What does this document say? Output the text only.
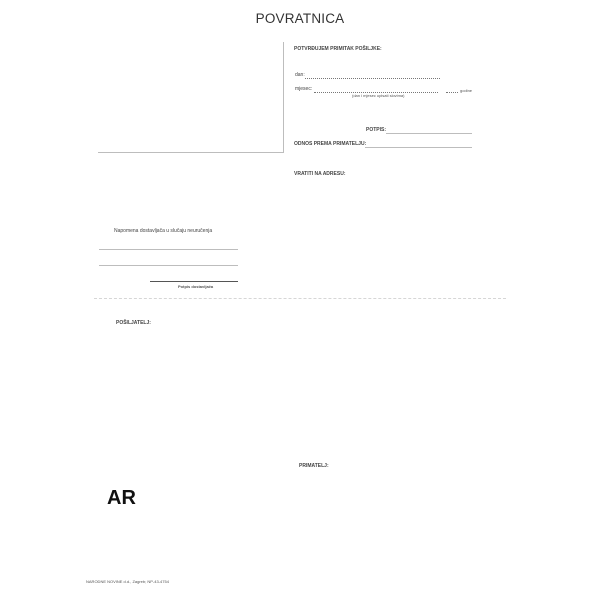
POVRATNICA
POTVRĐUJEM PRIMITAK POŠILJKE:
dan:
mjesec:	godine
(dan i mjesec upisati slovima)
POTPIS:
ODNOS PREMA PRIMATELJU:
VRATITI NA ADRESU:
Napomena dostavljača u slučaju neuručenja
Potpis dostavljača
POŠILJATELJ:
PRIMATELJ:
AR
NARODNE NOVINE d.d., Zagreb; NP-43-4754
